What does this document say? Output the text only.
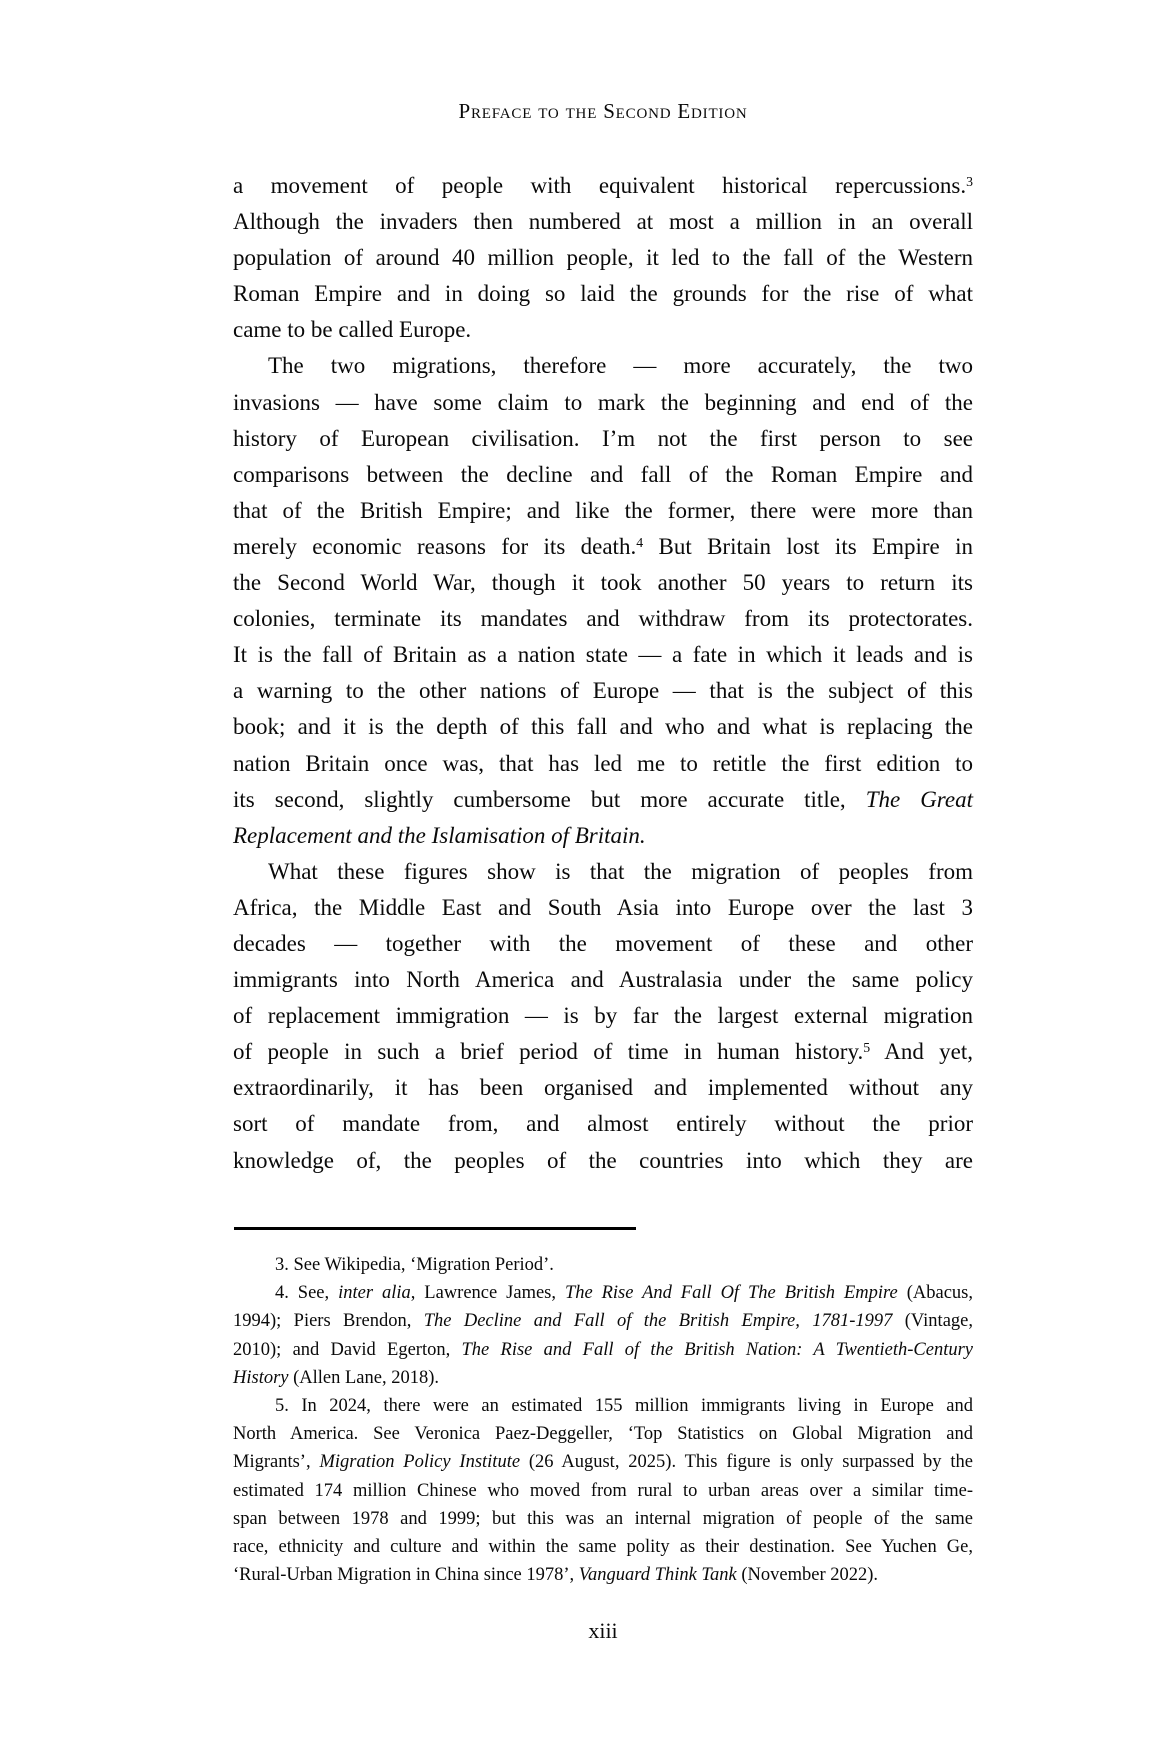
Preface to the Second Edition
a movement of people with equivalent historical repercussions.$^3$
Although the invaders then numbered at most a million in an overall
population of around 40 million people, it led to the fall of the Western
Roman Empire and in doing so laid the grounds for the rise of what
came to be called Europe.
The two migrations, therefore — more accurately, the two
invasions — have some claim to mark the beginning and end of the
history of European civilisation. I’m not the first person to see
comparisons between the decline and fall of the Roman Empire and
that of the British Empire; and like the former, there were more than
merely economic reasons for its death.$^4$ But Britain lost its Empire in
the Second World War, though it took another 50 years to return its
colonies, terminate its mandates and withdraw from its protectorates.
It is the fall of Britain as a nation state — a fate in which it leads and is
a warning to the other nations of Europe — that is the subject of this
book; and it is the depth of this fall and who and what is replacing the
nation Britain once was, that has led me to retitle the first edition to
its second, slightly cumbersome but more accurate title, The Great
Replacement and the Islamisation of Britain.
What these figures show is that the migration of peoples from
Africa, the Middle East and South Asia into Europe over the last 3
decades — together with the movement of these and other
immigrants into North America and Australasia under the same policy
of replacement immigration — is by far the largest external migration
of people in such a brief period of time in human history.$^5$ And yet,
extraordinarily, it has been organised and implemented without any
sort of mandate from, and almost entirely without the prior
knowledge of, the peoples of the countries into which they are
3. See Wikipedia, ‘Migration Period’.
4. See, inter alia, Lawrence James, The Rise And Fall Of The British Empire (Abacus,
1994); Piers Brendon, The Decline and Fall of the British Empire, 1781-1997 (Vintage,
2010); and David Egerton, The Rise and Fall of the British Nation: A Twentieth-Century
History (Allen Lane, 2018).
5. In 2024, there were an estimated 155 million immigrants living in Europe and
North America. See Veronica Paez-Deggeller, ‘Top Statistics on Global Migration and
Migrants’, Migration Policy Institute (26 August, 2025). This figure is only surpassed by the
estimated 174 million Chinese who moved from rural to urban areas over a similar time-
span between 1978 and 1999; but this was an internal migration of people of the same
race, ethnicity and culture and within the same polity as their destination. See Yuchen Ge,
‘Rural-Urban Migration in China since 1978’, Vanguard Think Tank (November 2022).
xiii
